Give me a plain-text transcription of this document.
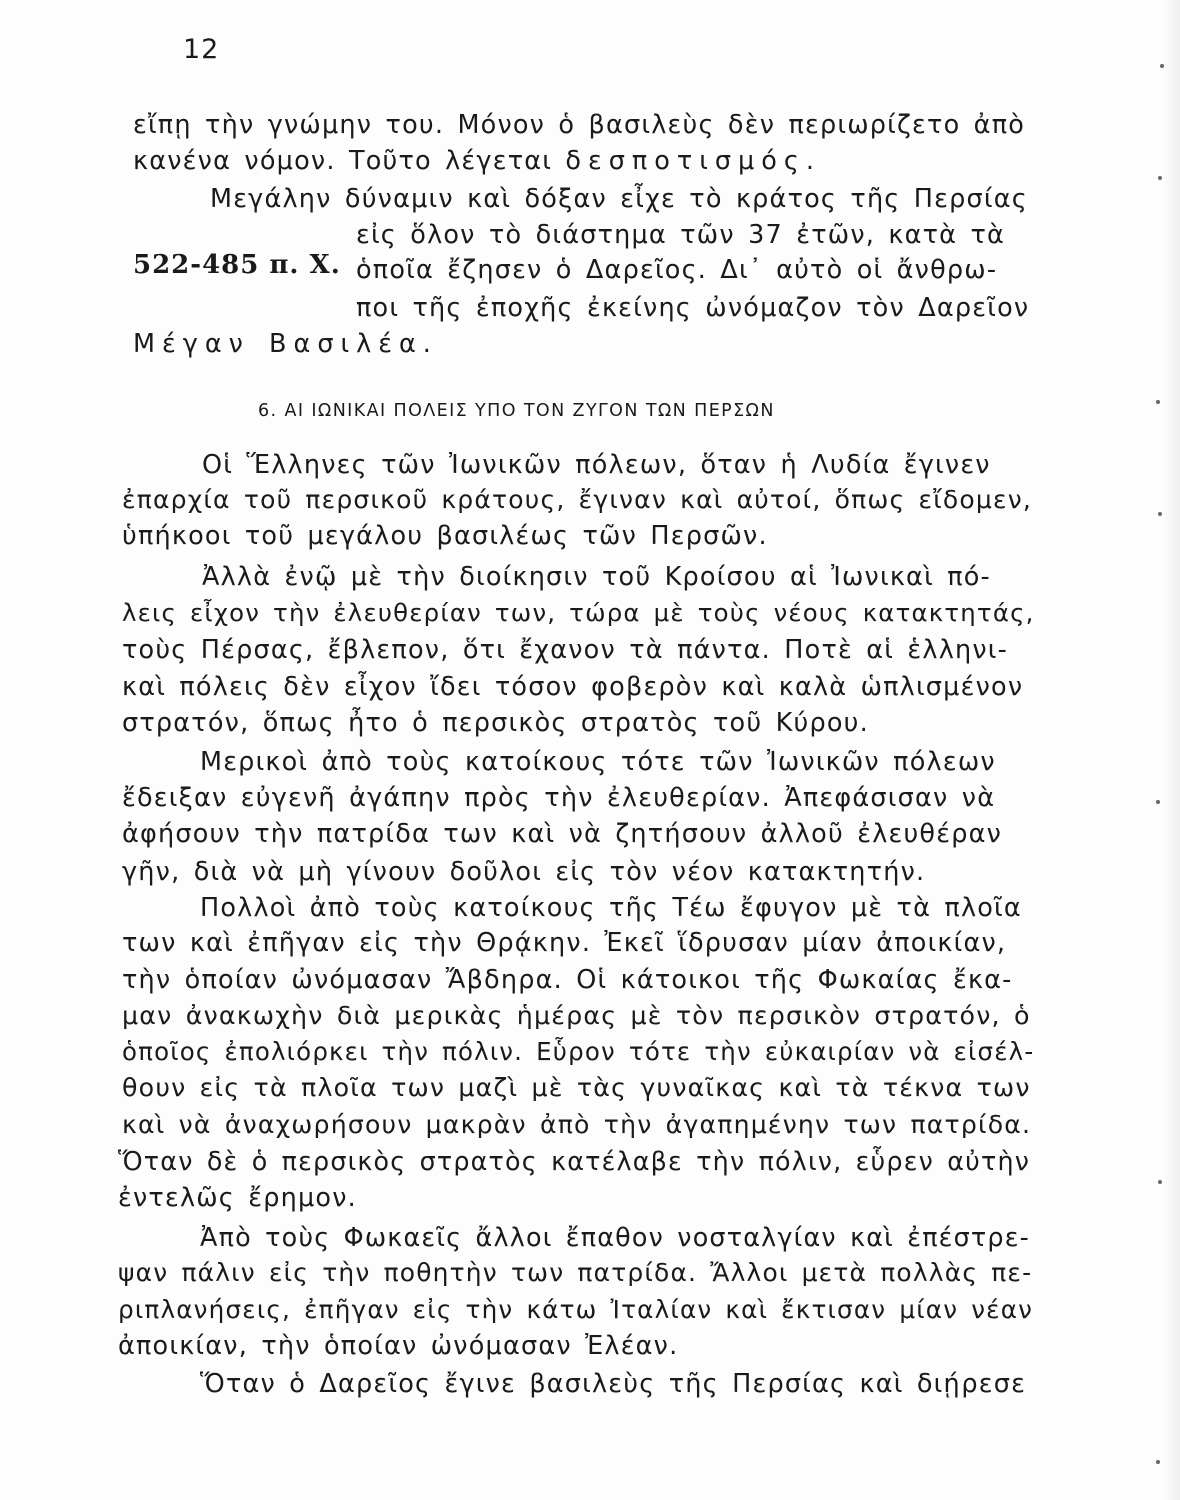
12
εἴπῃ τὴν γνώμην του. Μόνον ὁ βασιλεὺς δὲν περιωρίζετο ἀπὸ
κανένα νόμον. Τοῦτο λέγεται δεσποτισμός.
Μεγάλην δύναμιν καὶ δόξαν εἶχε τὸ κράτος τῆς Περσίας
εἰς ὅλον τὸ διάστημα τῶν 37 ἐτῶν, κατὰ τὰ
522-485 π. Χ. ὁποῖα ἔζησεν ὁ Δαρεῖος. Δι᾽ αὐτὸ οἱ ἄνθρω-
ποι τῆς ἐποχῆς ἐκείνης ὠνόμαζον τὸν Δαρεῖον
Μέγαν Βασιλέα.
6. ΑΙ ΙΩΝΙΚΑΙ ΠΟΛΕΙΣ ΥΠΟ ΤΟΝ ΖΥΓΟΝ ΤΩΝ ΠΕΡΣΩΝ
Οἱ Ἕλληνες τῶν Ἰωνικῶν πόλεων, ὅταν ἡ Λυδία ἔγινεν
ἐπαρχία τοῦ περσικοῦ κράτους, ἔγιναν καὶ αὐτοί, ὅπως εἴδομεν,
ὑπήκοοι τοῦ μεγάλου βασιλέως τῶν Περσῶν.
Ἀλλὰ ἐνῷ μὲ τὴν διοίκησιν τοῦ Κροίσου αἱ Ἰωνικαὶ πό-
λεις εἶχον τὴν ἐλευθερίαν των, τώρα μὲ τοὺς νέους κατακτητάς,
τοὺς Πέρσας, ἔβλεπον, ὅτι ἔχανον τὰ πάντα. Ποτὲ αἱ ἑλληνι-
καὶ πόλεις δὲν εἶχον ἴδει τόσον φοβερὸν καὶ καλὰ ὡπλισμένον
στρατόν, ὅπως ἦτο ὁ περσικὸς στρατὸς τοῦ Κύρου.
Μερικοὶ ἀπὸ τοὺς κατοίκους τότε τῶν Ἰωνικῶν πόλεων
ἔδειξαν εὐγενῆ ἀγάπην πρὸς τὴν ἐλευθερίαν. Ἀπεφάσισαν νὰ
ἀφήσουν τὴν πατρίδα των καὶ νὰ ζητήσουν ἀλλοῦ ἐλευθέραν
γῆν, διὰ νὰ μὴ γίνουν δοῦλοι εἰς τὸν νέον κατακτητήν.
Πολλοὶ ἀπὸ τοὺς κατοίκους τῆς Τέω ἔφυγον μὲ τὰ πλοῖα
των καὶ ἐπῆγαν εἰς τὴν Θρᾴκην. Ἐκεῖ ἵδρυσαν μίαν ἀποικίαν,
τὴν ὁποίαν ὠνόμασαν Ἄβδηρα. Οἱ κάτοικοι τῆς Φωκαίας ἔκα-
μαν ἀνακωχὴν διὰ μερικὰς ἡμέρας μὲ τὸν περσικὸν στρατόν, ὁ
ὁποῖος ἐπολιόρκει τὴν πόλιν. Εὗρον τότε τὴν εὐκαιρίαν νὰ εἰσέλ-
θουν εἰς τὰ πλοῖα των μαζὶ μὲ τὰς γυναῖκας καὶ τὰ τέκνα των
καὶ νὰ ἀναχωρήσουν μακρὰν ἀπὸ τὴν ἀγαπημένην των πατρίδα.
Ὅταν δὲ ὁ περσικὸς στρατὸς κατέλαβε τὴν πόλιν, εὗρεν αὐτὴν
ἐντελῶς ἔρημον.
Ἀπὸ τοὺς Φωκαεῖς ἄλλοι ἔπαθον νοσταλγίαν καὶ ἐπέστρε-
ψαν πάλιν εἰς τὴν ποθητὴν των πατρίδα. Ἄλλοι μετὰ πολλὰς πε-
ριπλανήσεις, ἐπῆγαν εἰς τὴν κάτω Ἰταλίαν καὶ ἔκτισαν μίαν νέαν
ἀποικίαν, τὴν ὁποίαν ὠνόμασαν Ἐλέαν.
Ὅταν ὁ Δαρεῖος ἔγινε βασιλεὺς τῆς Περσίας καὶ διῄρεσε
